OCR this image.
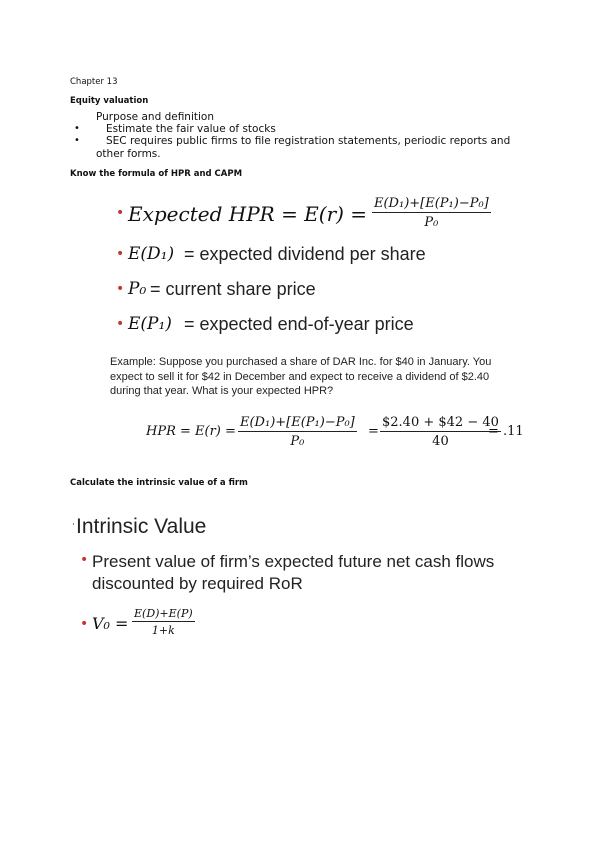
Chapter 13
Equity valuation
Purpose and definition
• Estimate the fair value of stocks
• SEC requires public firms to file registration statements, periodic reports and
other forms.
Know the formula of HPR and CAPM
• Expected HPR = $E(r) = \frac{\text{E(D₁)+[E(P₁)−P₀]}}{\text{P₀}}$
• E(D₁) = expected dividend per share
• P₀ = current share price
• E(P₁) = expected end-of-year price
Example: Suppose you purchased a share of DAR Inc. for $40 in January. You
expect to sell it for $42 in December and expect to receive a dividend of $2.40
during that year. What is your expected HPR?
HPR = $E(r) = \frac{\text{E(D₁)+[E(P₁)−P₀]}}{\text{P₀}} = \frac{\$2.40 + \$42 - 40}{40}$
= .11
Calculate the intrinsic value of a firm
· Intrinsic Value
• Present value of firm’s expected future net cash flows
discounted by required RoR
• $V_0 = \frac{E(D)+E(P)}{1+k}$
